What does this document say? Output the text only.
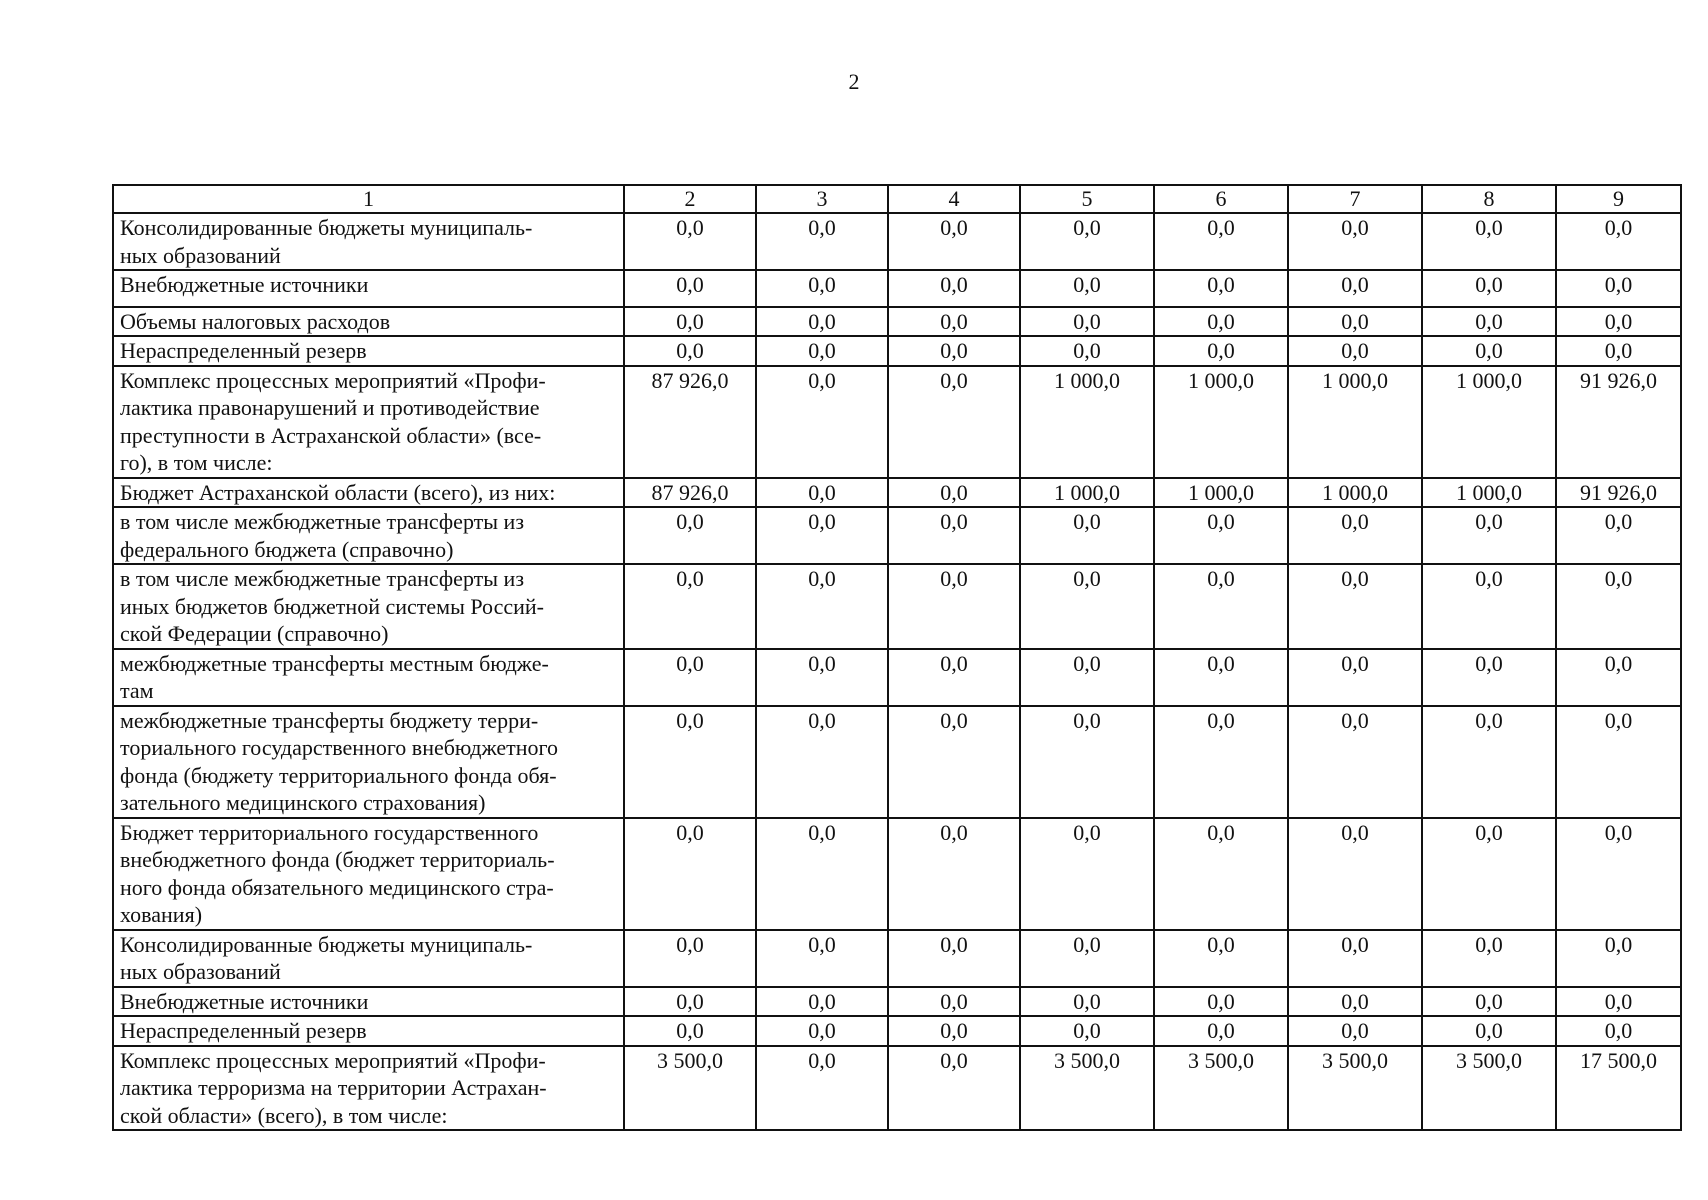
2
1	2	3	4	5	6	7	8	9
Консолидированные бюджеты муниципаль-
ных образований	0,0	0,0	0,0	0,0	0,0	0,0	0,0	0,0
Внебюджетные источники	0,0	0,0	0,0	0,0	0,0	0,0	0,0	0,0
Объемы налоговых расходов	0,0	0,0	0,0	0,0	0,0	0,0	0,0	0,0
Нераспределенный резерв	0,0	0,0	0,0	0,0	0,0	0,0	0,0	0,0
Комплекс процессных мероприятий «Профи-
лактика правонарушений и противодействие
преступности в Астраханской области» (все-
го), в том числе:	87 926,0	0,0	0,0	1 000,0	1 000,0	1 000,0	1 000,0	91 926,0
Бюджет Астраханской области (всего), из них:	87 926,0	0,0	0,0	1 000,0	1 000,0	1 000,0	1 000,0	91 926,0
в том числе межбюджетные трансферты из
федерального бюджета (справочно)	0,0	0,0	0,0	0,0	0,0	0,0	0,0	0,0
в том числе межбюджетные трансферты из
иных бюджетов бюджетной системы Россий-
ской Федерации (справочно)	0,0	0,0	0,0	0,0	0,0	0,0	0,0	0,0
межбюджетные трансферты местным бюдже-
там	0,0	0,0	0,0	0,0	0,0	0,0	0,0	0,0
межбюджетные трансферты бюджету терри-
ториального государственного внебюджетного
фонда (бюджету территориального фонда обя-
зательного медицинского страхования)	0,0	0,0	0,0	0,0	0,0	0,0	0,0	0,0
Бюджет территориального государственного
внебюджетного фонда (бюджет территориаль-
ного фонда обязательного медицинского стра-
хования)	0,0	0,0	0,0	0,0	0,0	0,0	0,0	0,0
Консолидированные бюджеты муниципаль-
ных образований	0,0	0,0	0,0	0,0	0,0	0,0	0,0	0,0
Внебюджетные источники	0,0	0,0	0,0	0,0	0,0	0,0	0,0	0,0
Нераспределенный резерв	0,0	0,0	0,0	0,0	0,0	0,0	0,0	0,0
Комплекс процессных мероприятий «Профи-
лактика терроризма на территории Астрахан-
ской области» (всего), в том числе:	3 500,0	0,0	0,0	3 500,0	3 500,0	3 500,0	3 500,0	17 500,0
